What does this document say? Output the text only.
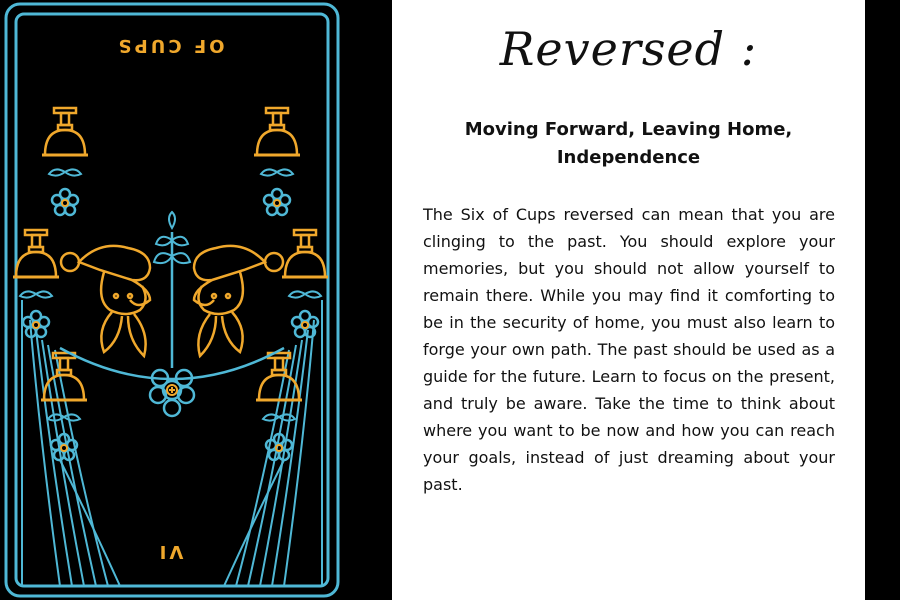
OF CUPS
VI
Reversed :
Moving Forward, Leaving Home, Independence
The Six of Cups reversed can mean that you are clinging to the past. You should explore your memories, but you should not allow yourself to remain there. While you may find it comforting to be in the security of home, you must also learn to forge your own path. The past should be used as a guide for the future. Learn to focus on the present, and truly be aware. Take the time to think about where you want to be now and how you can reach your goals, instead of just dreaming about your past.
